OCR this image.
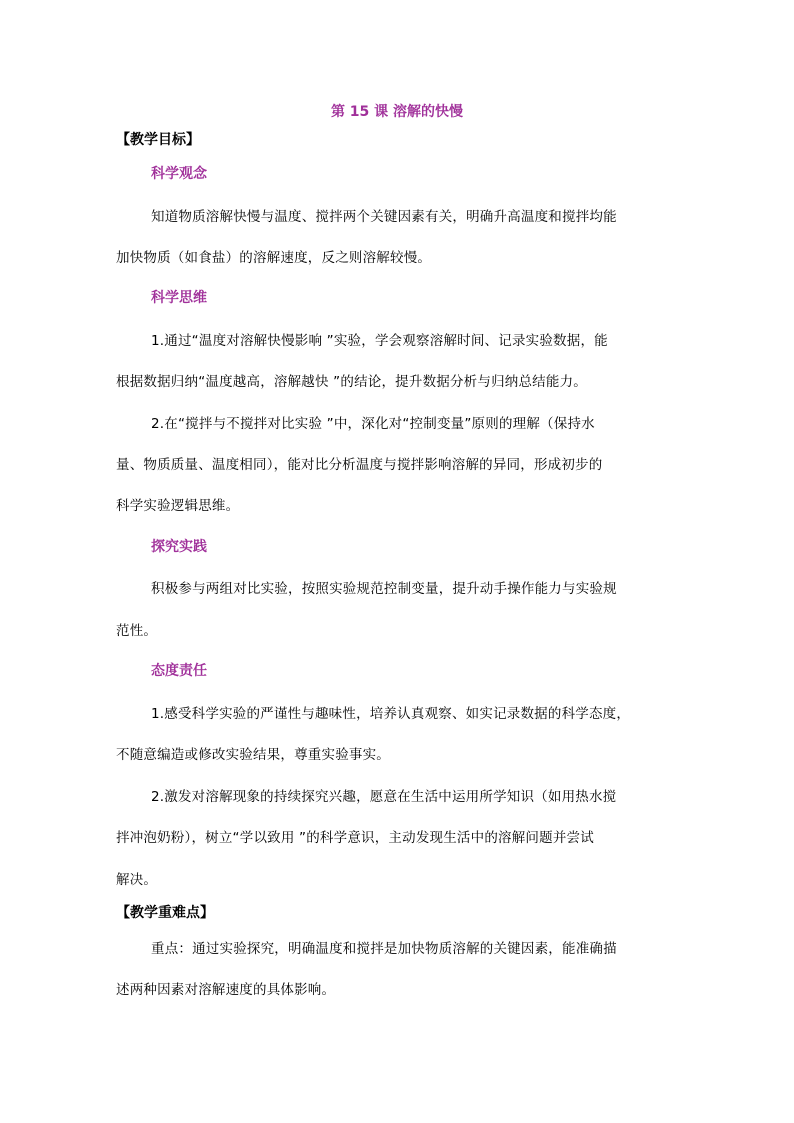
第 15 课 溶解的快慢
【教学目标】
科学观念
知道物质溶解快慢与温度、搅拌两个关键因素有关，明确升高温度和搅拌均能
加快物质（如食盐）的溶解速度，反之则溶解较慢。
科学思维
1.通过“温度对溶解快慢影响 ”实验，学会观察溶解时间、记录实验数据，能
根据数据归纳“温度越高，溶解越快 ”的结论，提升数据分析与归纳总结能力。
2.在“搅拌与不搅拌对比实验 ”中，深化对“控制变量”原则的理解（保持水
量、物质质量、温度相同），能对比分析温度与搅拌影响溶解的异同，形成初步的
科学实验逻辑思维。
探究实践
积极参与两组对比实验，按照实验规范控制变量，提升动手操作能力与实验规
范性。
态度责任
1.感受科学实验的严谨性与趣味性，培养认真观察、如实记录数据的科学态度，
不随意编造或修改实验结果，尊重实验事实。
2.激发对溶解现象的持续探究兴趣，愿意在生活中运用所学知识（如用热水搅
拌冲泡奶粉），树立“学以致用 ”的科学意识，主动发现生活中的溶解问题并尝试
解决。
【教学重难点】
重点：通过实验探究，明确温度和搅拌是加快物质溶解的关键因素，能准确描
述两种因素对溶解速度的具体影响。
